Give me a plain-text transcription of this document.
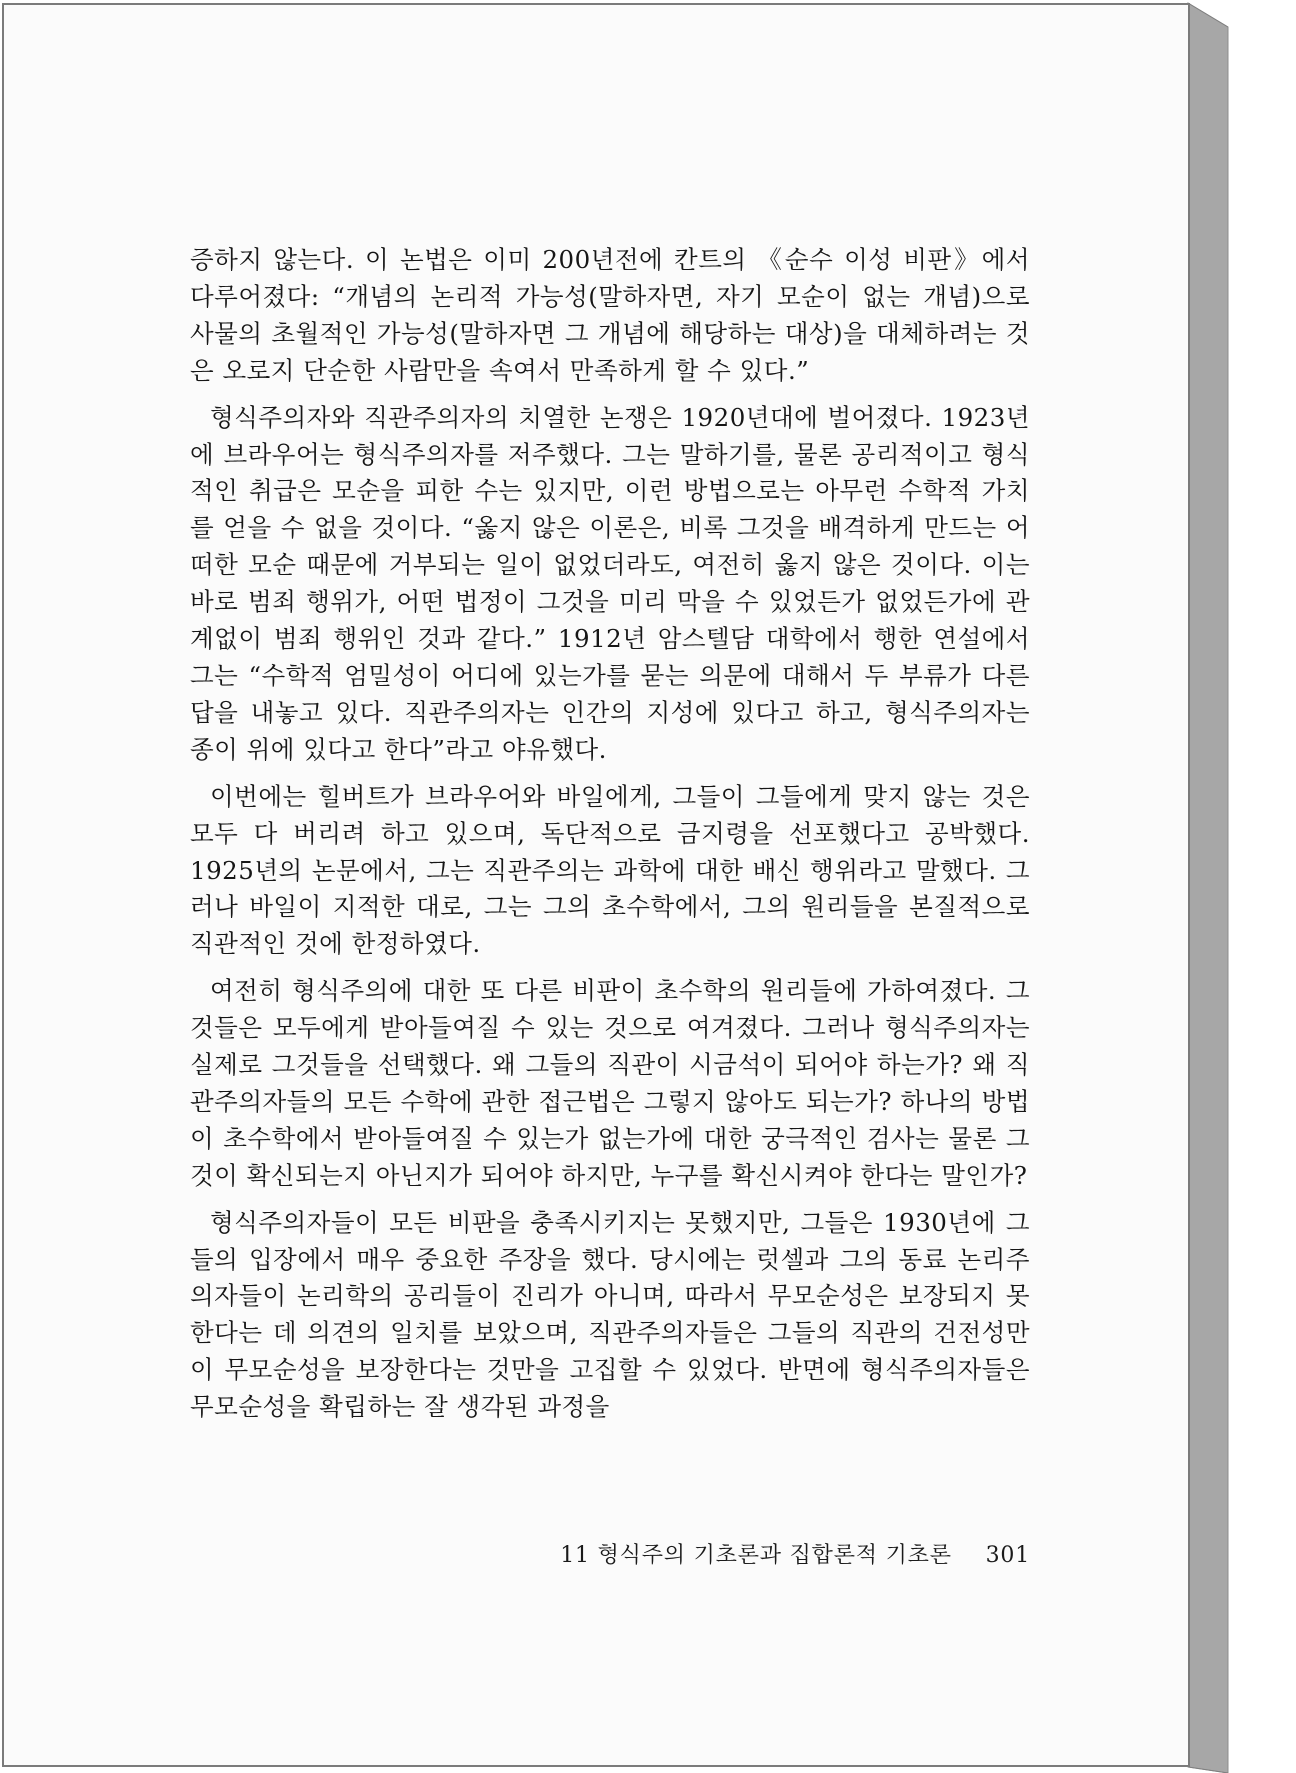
증하지 않는다. 이 논법은 이미 200년전에 칸트의 《순수 이성 비판》에서 다루어졌다: “개념의 논리적 가능성(말하자면, 자기 모순이 없는 개념)으로 사물의 초월적인 가능성(말하자면 그 개념에 해당하는 대상)을 대체하려는 것은 오로지 단순한 사람만을 속여서 만족하게 할 수 있다.”

형식주의자와 직관주의자의 치열한 논쟁은 1920년대에 벌어졌다. 1923년에 브라우어는 형식주의자를 저주했다. 그는 말하기를, 물론 공리적이고 형식적인 취급은 모순을 피한 수는 있지만, 이런 방법으로는 아무런 수학적 가치를 얻을 수 없을 것이다. “옳지 않은 이론은, 비록 그것을 배격하게 만드는 어떠한 모순 때문에 거부되는 일이 없었더라도, 여전히 옳지 않은 것이다. 이는 바로 범죄 행위가, 어떤 법정이 그것을 미리 막을 수 있었든가 없었든가에 관계없이 범죄 행위인 것과 같다.” 1912년 암스텔담 대학에서 행한 연설에서 그는 “수학적 엄밀성이 어디에 있는가를 묻는 의문에 대해서 두 부류가 다른 답을 내놓고 있다. 직관주의자는 인간의 지성에 있다고 하고, 형식주의자는 종이 위에 있다고 한다”라고 야유했다.

이번에는 힐버트가 브라우어와 바일에게, 그들이 그들에게 맞지 않는 것은 모두 다 버리려 하고 있으며, 독단적으로 금지령을 선포했다고 공박했다. 1925년의 논문에서, 그는 직관주의는 과학에 대한 배신 행위라고 말했다. 그러나 바일이 지적한 대로, 그는 그의 초수학에서, 그의 원리들을 본질적으로 직관적인 것에 한정하였다.

여전히 형식주의에 대한 또 다른 비판이 초수학의 원리들에 가하여졌다. 그것들은 모두에게 받아들여질 수 있는 것으로 여겨졌다. 그러나 형식주의자는 실제로 그것들을 선택했다. 왜 그들의 직관이 시금석이 되어야 하는가? 왜 직관주의자들의 모든 수학에 관한 접근법은 그렇지 않아도 되는가? 하나의 방법이 초수학에서 받아들여질 수 있는가 없는가에 대한 궁극적인 검사는 물론 그것이 확신되는지 아닌지가 되어야 하지만, 누구를 확신시켜야 한다는 말인가?

형식주의자들이 모든 비판을 충족시키지는 못했지만, 그들은 1930년에 그들의 입장에서 매우 중요한 주장을 했다. 당시에는 럿셀과 그의 동료 논리주의자들이 논리학의 공리들이 진리가 아니며, 따라서 무모순성은 보장되지 못한다는 데 의견의 일치를 보았으며, 직관주의자들은 그들의 직관의 건전성만이 무모순성을 보장한다는 것만을 고집할 수 있었다. 반면에 형식주의자들은 무모순성을 확립하는 잘 생각된 과정을

11 형식주의 기초론과 집합론적 기초론 301
